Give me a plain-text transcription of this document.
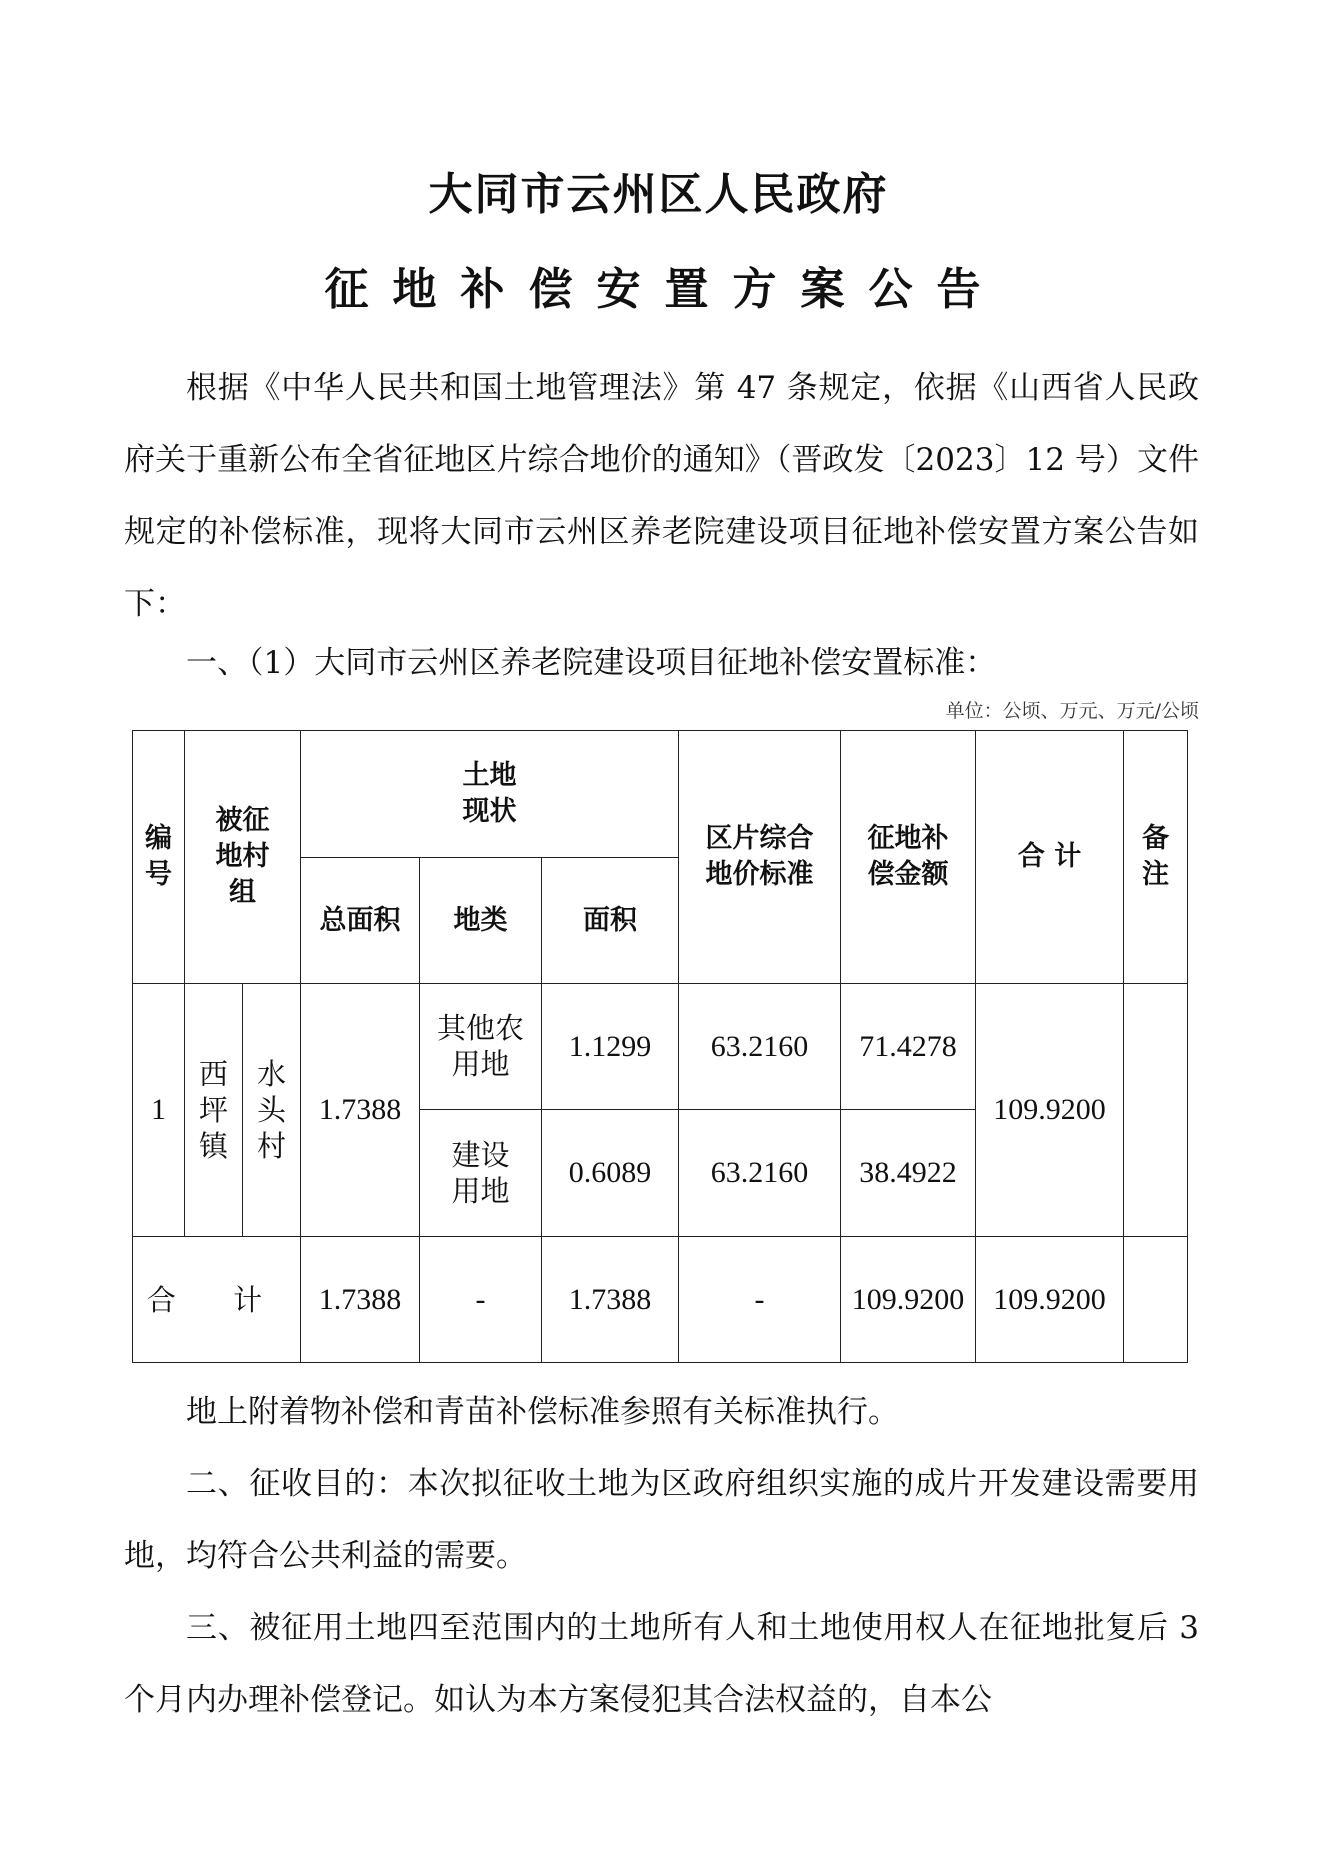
大同市云州区人民政府
征地补偿安置方案公告

根据《中华人民共和国土地管理法》第 47 条规定，依据《山西省人民政府关于重新公布全省征地区片综合地价的通知》（晋政发〔2023〕12 号）文件规定的补偿标准，现将大同市云州区养老院建设项目征地补偿安置方案公告如下：

一、（1）大同市云州区养老院建设项目征地补偿安置标准：

单位：公顷、万元、万元/公顷
编号	被征地村组		土地现状			区片综合地价标准	征地补偿金额	合 计	备注
			总面积	地类	面积				
1	西坪镇	水头村	1.7388	其他农用地	1.1299	63.2160	71.4278	109.9200	
				建设用地	0.6089	63.2160	38.4922		
合 计			1.7388	-	1.7388	-	109.9200	109.9200	

地上附着物补偿和青苗补偿标准参照有关标准执行。

二、征收目的：本次拟征收土地为区政府组织实施的成片开发建设需要用地，均符合公共利益的需要。

三、被征用土地四至范围内的土地所有人和土地使用权人在征地批复后 3 个月内办理补偿登记。如认为本方案侵犯其合法权益的，自本公
